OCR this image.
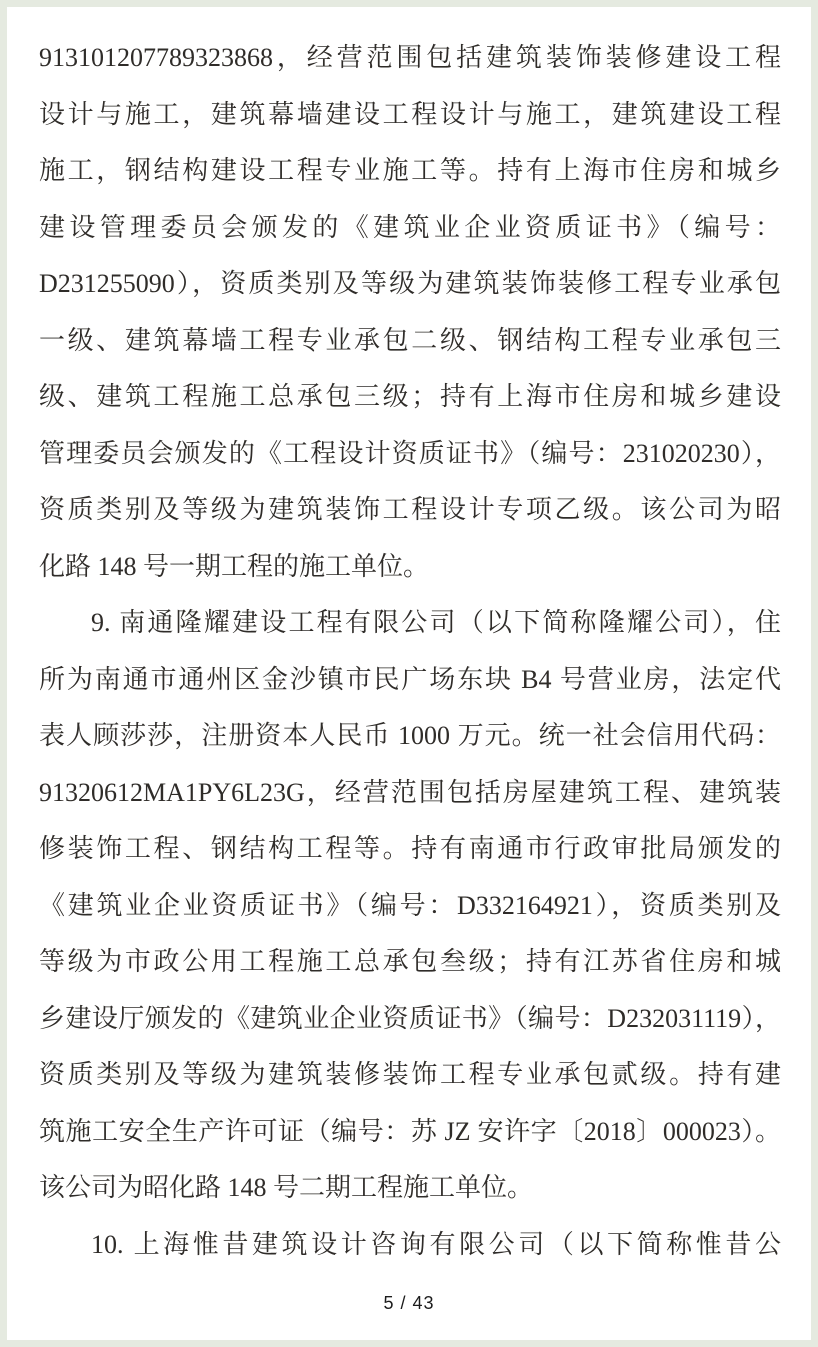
913101207789323868，经营范围包括建筑装饰装修建设工程
设计与施工，建筑幕墙建设工程设计与施工，建筑建设工程
施工，钢结构建设工程专业施工等。持有上海市住房和城乡
建设管理委员会颁发的《建筑业企业资质证书》（编号：
D231255090），资质类别及等级为建筑装饰装修工程专业承包
一级、建筑幕墙工程专业承包二级、钢结构工程专业承包三
级、建筑工程施工总承包三级；持有上海市住房和城乡建设
管理委员会颁发的《工程设计资质证书》（编号：231020230），
资质类别及等级为建筑装饰工程设计专项乙级。该公司为昭
化路 148 号一期工程的施工单位。
9. 南通隆耀建设工程有限公司（以下简称隆耀公司），住
所为南通市通州区金沙镇市民广场东块 B4 号营业房，法定代
表人顾莎莎，注册资本人民币 1000 万元。统一社会信用代码：
91320612MA1PY6L23G，经营范围包括房屋建筑工程、建筑装
修装饰工程、钢结构工程等。持有南通市行政审批局颁发的
《建筑业企业资质证书》（编号：D332164921），资质类别及
等级为市政公用工程施工总承包叁级；持有江苏省住房和城
乡建设厅颁发的《建筑业企业资质证书》（编号：D232031119），
资质类别及等级为建筑装修装饰工程专业承包贰级。持有建
筑施工安全生产许可证（编号：苏 JZ 安许字〔2018〕000023）。
该公司为昭化路 148 号二期工程施工单位。
10. 上海惟昔建筑设计咨询有限公司（以下简称惟昔公
5 / 43
